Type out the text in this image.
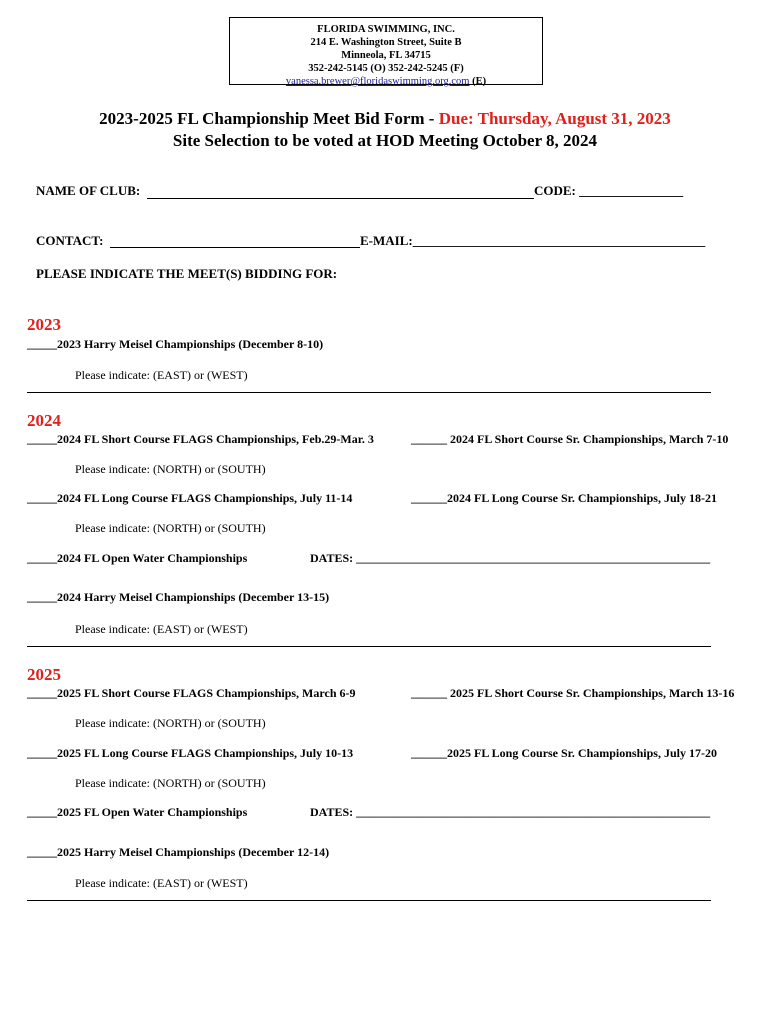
FLORIDA SWIMMING, INC.
214 E. Washington Street, Suite B
Minneola, FL 34715
352-242-5145 (O) 352-242-5245 (F)
vanessa.brewer@floridaswimming.org.com (E)
2023-2025 FL Championship Meet Bid Form - Due: Thursday, August 31, 2023
Site Selection to be voted at HOD Meeting October 8, 2024
NAME OF CLUB:	CODE: ________________
CONTACT:	E-MAIL:_____________________________________________
PLEASE INDICATE THE MEET(S) BIDDING FOR:
2023
_____2023 Harry Meisel Championships (December 8-10)
Please indicate: (EAST) or (WEST)
2024
_____2024 FL Short Course FLAGS Championships, Feb.29-Mar. 3	______ 2024 FL Short Course Sr. Championships, March 7-10
Please indicate: (NORTH) or (SOUTH)
_____2024 FL Long Course FLAGS Championships, July 11-14	______2024 FL Long Course Sr. Championships, July 18-21
Please indicate: (NORTH) or (SOUTH)
_____2024 FL Open Water Championships	DATES: ___________________________________________________________
_____2024 Harry Meisel Championships (December 13-15)
Please indicate: (EAST) or (WEST)
2025
_____2025 FL Short Course FLAGS Championships, March 6-9	______ 2025 FL Short Course Sr. Championships, March 13-16
Please indicate: (NORTH) or (SOUTH)
_____2025 FL Long Course FLAGS Championships, July 10-13	______2025 FL Long Course Sr. Championships, July 17-20
Please indicate: (NORTH) or (SOUTH)
_____2025 FL Open Water Championships	DATES: ___________________________________________________________
_____2025 Harry Meisel Championships (December 12-14)
Please indicate: (EAST) or (WEST)
